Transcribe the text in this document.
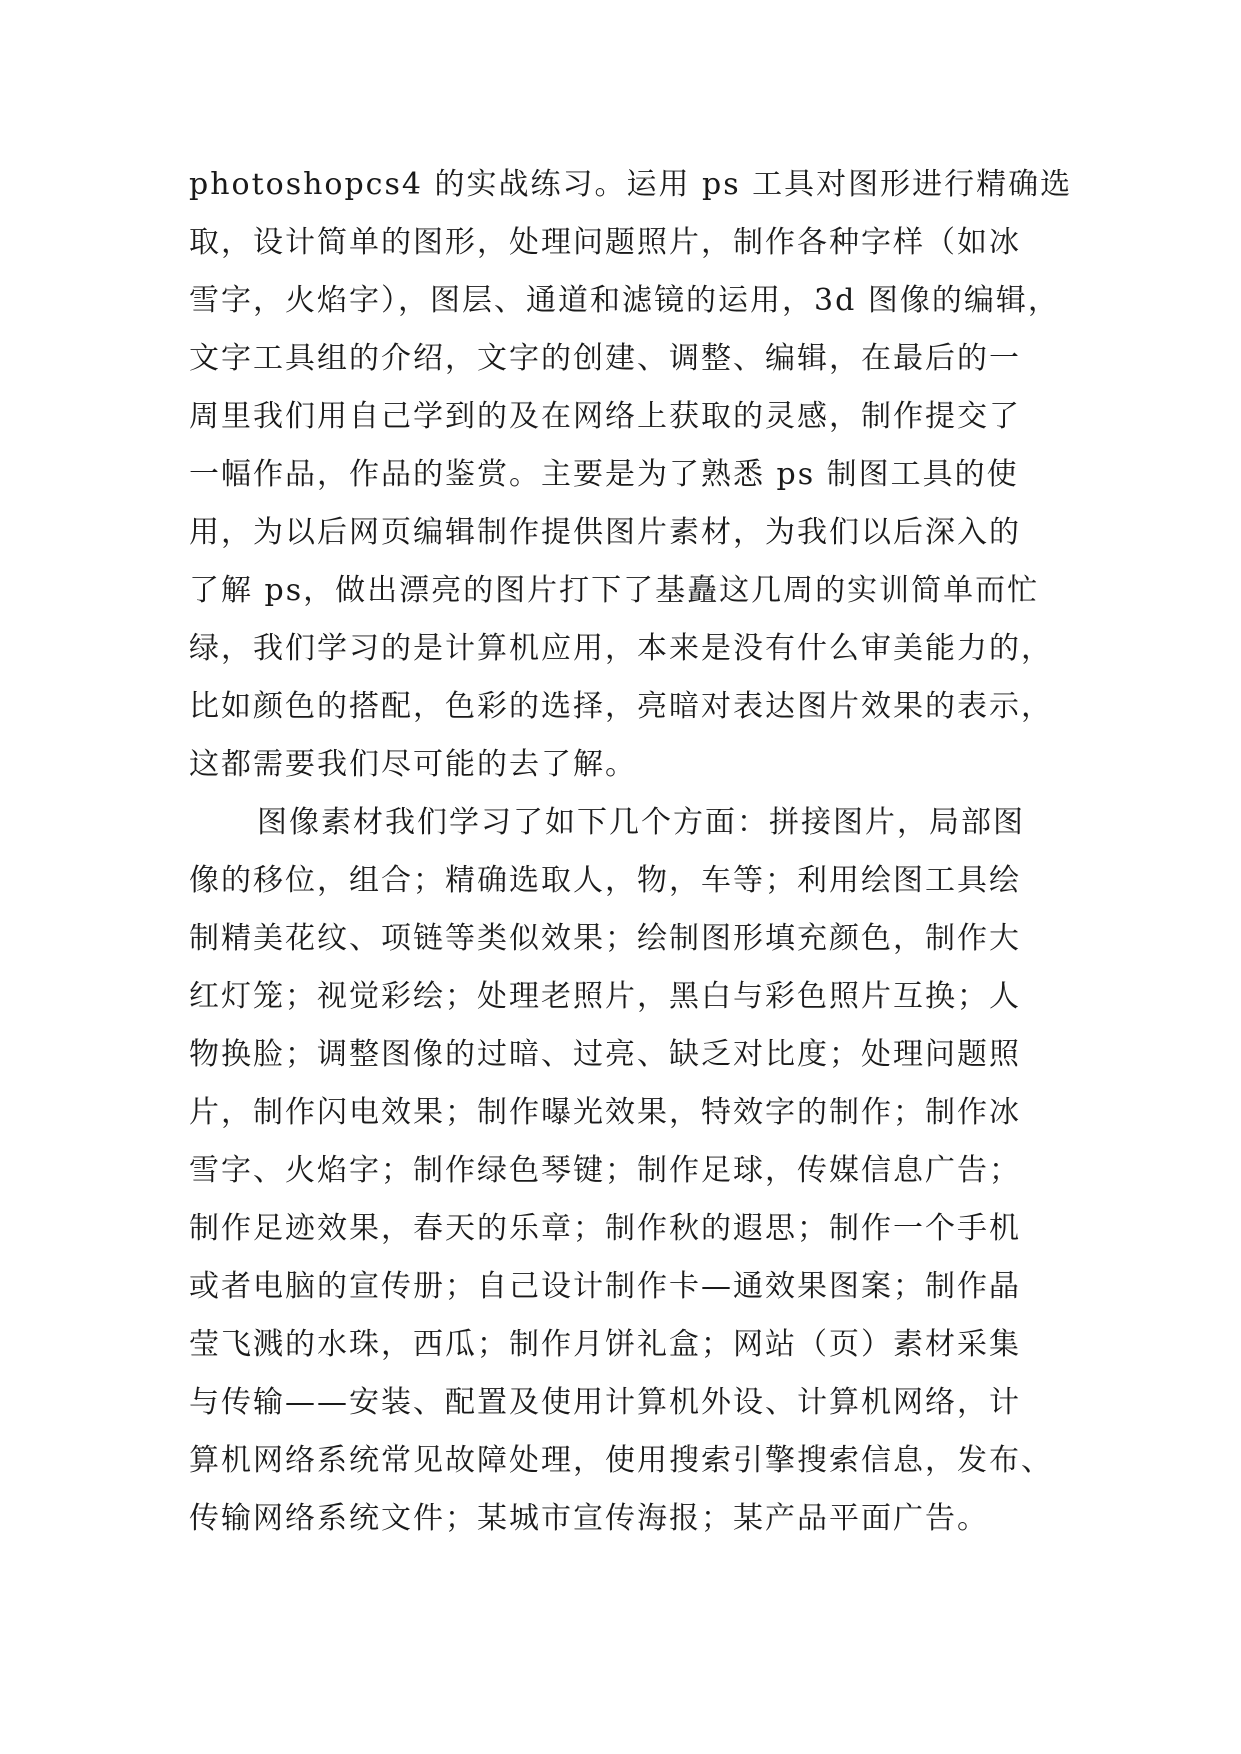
photoshopcs4 的实战练习。运用 ps 工具对图形进行精确选
取，设计简单的图形，处理问题照片，制作各种字样（如冰
雪字，火焰字），图层、通道和滤镜的运用，3d 图像的编辑，
文字工具组的介绍，文字的创建、调整、编辑，在最后的一
周里我们用自己学到的及在网络上获取的灵感，制作提交了
一幅作品，作品的鉴赏。主要是为了熟悉 ps 制图工具的使
用，为以后网页编辑制作提供图片素材，为我们以后深入的
了解 ps，做出漂亮的图片打下了基矗这几周的实训简单而忙
绿，我们学习的是计算机应用，本来是没有什么审美能力的，
比如颜色的搭配，色彩的选择，亮暗对表达图片效果的表示，
这都需要我们尽可能的去了解。
图像素材我们学习了如下几个方面：拼接图片，局部图
像的移位，组合；精确选取人，物，车等；利用绘图工具绘
制精美花纹、项链等类似效果；绘制图形填充颜色，制作大
红灯笼；视觉彩绘；处理老照片，黑白与彩色照片互换；人
物换脸；调整图像的过暗、过亮、缺乏对比度；处理问题照
片，制作闪电效果；制作曝光效果，特效字的制作；制作冰
雪字、火焰字；制作绿色琴键；制作足球，传媒信息广告；
制作足迹效果，春天的乐章；制作秋的遐思；制作一个手机
或者电脑的宣传册；自己设计制作卡—通效果图案；制作晶
莹飞溅的水珠，西瓜；制作月饼礼盒；网站（页）素材采集
与传输——安装、配置及使用计算机外设、计算机网络，计
算机网络系统常见故障处理，使用搜索引擎搜索信息，发布、
传输网络系统文件；某城市宣传海报；某产品平面广告。
